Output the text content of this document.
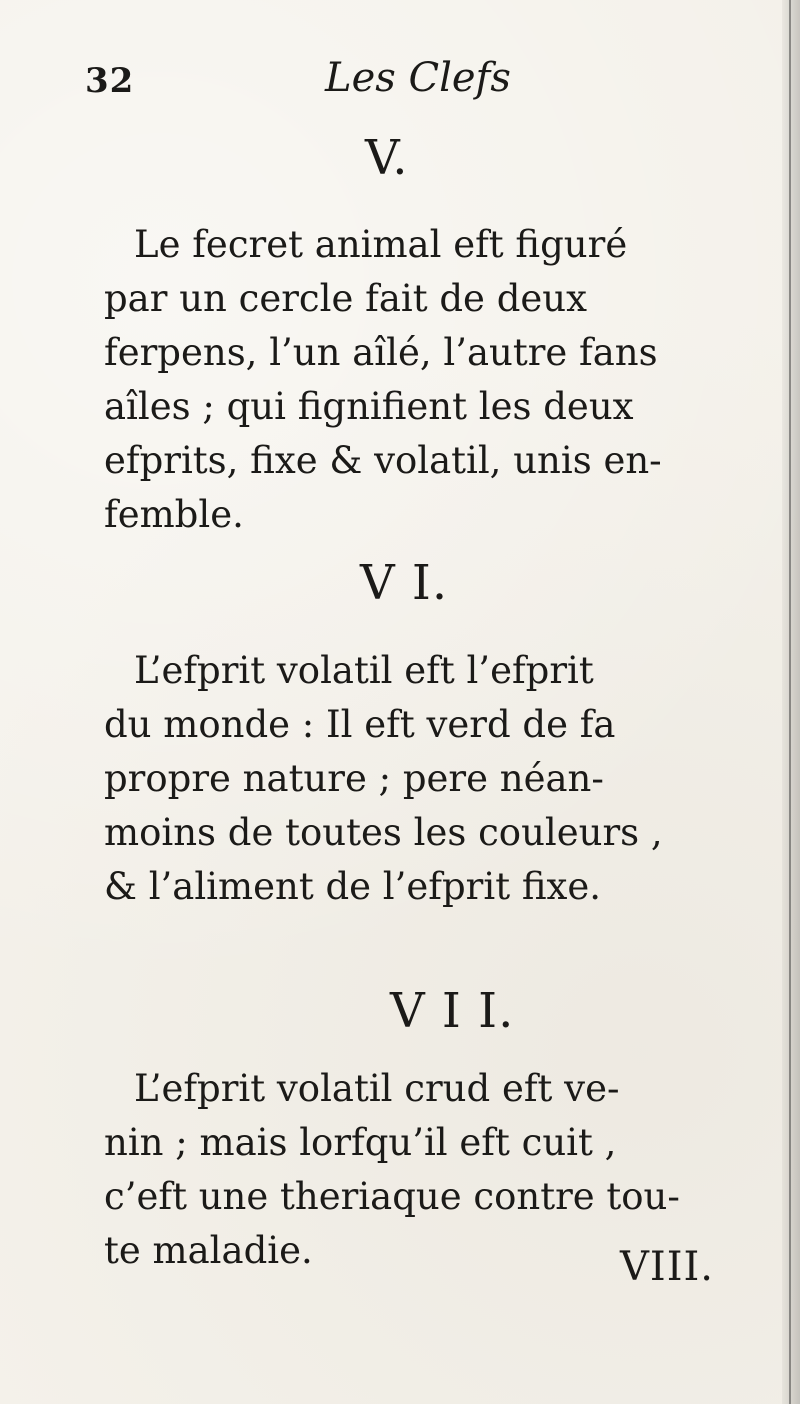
32	Les Clefs
V.
Le fecret animal eft figuré
par un cercle fait de deux
ferpens, l’un aîlé, l’autre fans
aîles ; qui fignifient les deux
efprits, fixe & volatil, unis en-
femble.
V I.
L’efprit volatil eft l’efprit
du monde : Il eft verd de fa
propre nature ; pere néan-
moins de toutes les couleurs ,
& l’aliment de l’efprit fixe.
V I I.
L’efprit volatil crud eft ve-
nin ; mais lorfqu’il eft cuit ,
c’eft une theriaque contre tou-
te maladie.	VIII.
